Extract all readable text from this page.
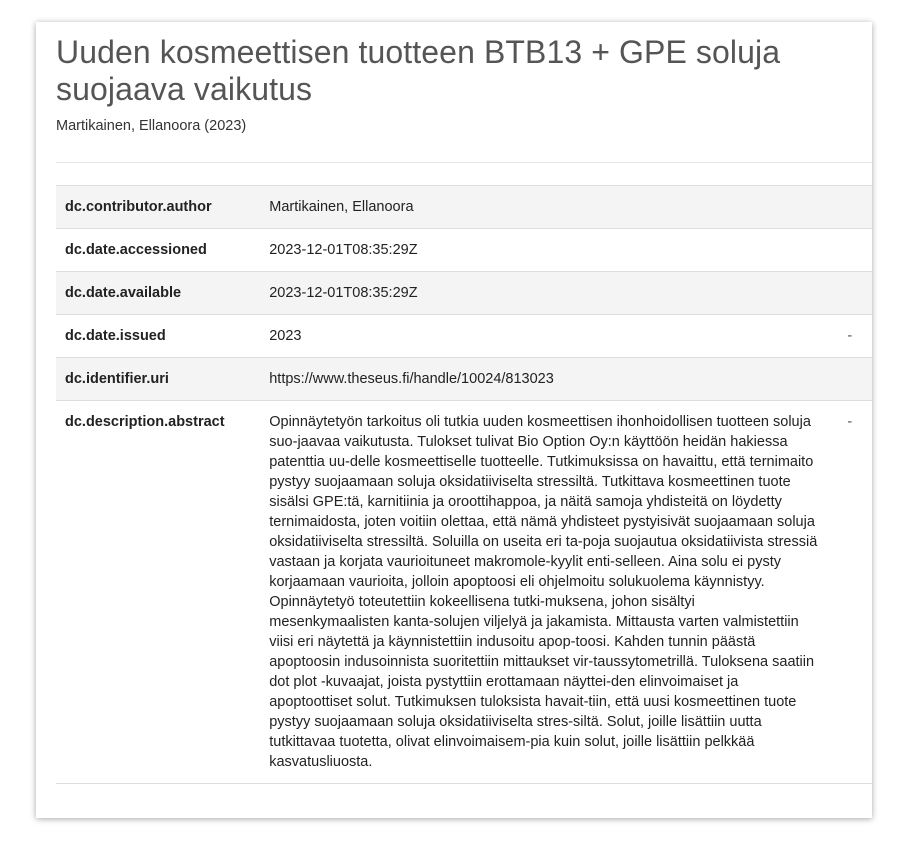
Uuden kosmeettisen tuotteen BTB13 + GPE soluja suojaava vaikutus
Martikainen, Ellanoora (2023)
dc.contributor.author	Martikainen, Ellanoora	
dc.date.accessioned	2023-12-01T08:35:29Z	
dc.date.available	2023-12-01T08:35:29Z	
dc.date.issued	2023	-
dc.identifier.uri	https://www.theseus.fi/handle/10024/813023	
dc.description.abstract	Opinnäytetyön tarkoitus oli tutkia uuden kosmeettisen ihonhoidollisen tuotteen soluja suo-jaavaa vaikutusta. Tulokset tulivat Bio Option Oy:n käyttöön heidän hakiessa patenttia uu-delle kosmeettiselle tuotteelle. Tutkimuksissa on havaittu, että ternimaito pystyy suojaamaan soluja oksidatiiviselta stressiltä. Tutkittava kosmeettinen tuote sisälsi GPE:tä, karnitiinia ja oroottihappoa, ja näitä samoja yhdisteitä on löydetty ternimaidosta, joten voitiin olettaa, että nämä yhdisteet pystyisivät suojaamaan soluja oksidatiiviselta stressiltä. Soluilla on useita eri ta-poja suojautua oksidatiivista stressiä vastaan ja korjata vaurioituneet makromole-kyylit enti-selleen. Aina solu ei pysty korjaamaan vaurioita, jolloin apoptoosi eli ohjelmoitu solukuolema käynnistyy. Opinnäytetyö toteutettiin kokeellisena tutki-muksena, johon sisältyi mesenkymaalisten kanta-solujen viljelyä ja jakamista. Mittausta varten valmistettiin viisi eri näytettä ja käynnistettiin indusoitu apop-toosi. Kahden tunnin päästä apoptoosin indusoinnista suoritettiin mittaukset vir-taussytometrillä. Tuloksena saatiin dot plot -kuvaajat, joista pystyttiin erottamaan näyttei-den elinvoimaiset ja apoptoottiset solut. Tutkimuksen tuloksista havait-tiin, että uusi kosmeettinen tuote pystyy suojaamaan soluja oksidatiiviselta stres-siltä. Solut, joille lisättiin uutta tutkittavaa tuotetta, olivat elinvoimaisem-pia kuin solut, joille lisättiin pelkkää kasvatusliuosta.	-
